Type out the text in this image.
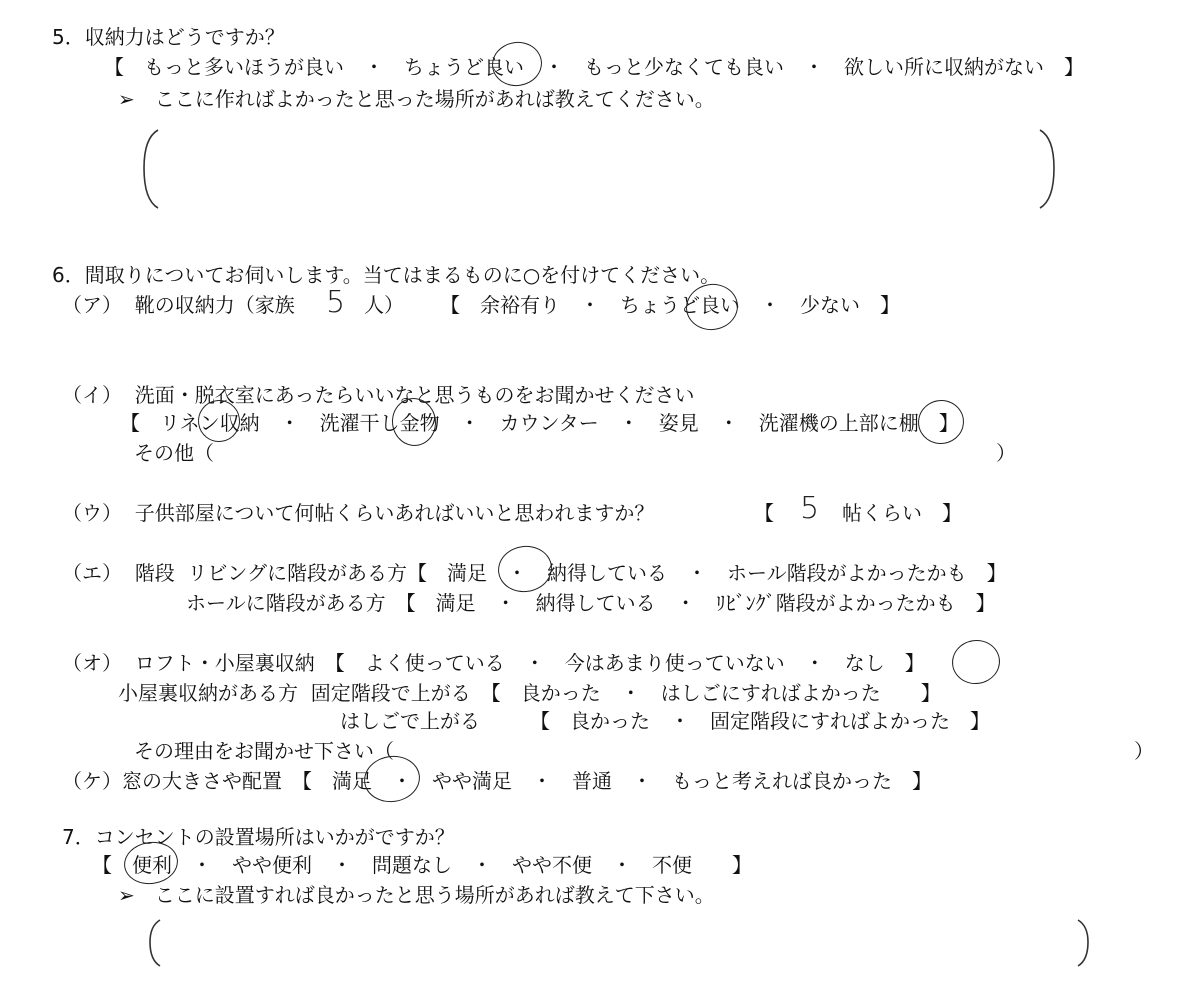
5．収納力はどうですか？
【　もっと多いほうが良い　・　ちょうど良い　・　もっと少なくても良い　・　欲しい所に収納がない　】
➢　ここに作ればよかったと思った場所があれば教えてください。
6．間取りについてお伺いします。当てはまるものに○を付けてください。
（ア）  靴の収納力（家族 5 人） 【　余裕有り　・　ちょうど良い　・　少ない　】
（イ）  洗面・脱衣室にあったらいいなと思うものをお聞かせください
【　リネン収納　・　洗濯干し金物　・　カウンター　・　姿見　・　洗濯機の上部に棚　】
その他（	）
（ウ）  子供部屋について何帖くらいあればいいと思われますか？	【 5 帖くらい　】
（エ）  階段  リビングに階段がある方【　満足　・　納得している　・　ホール階段がよかったかも　】
ホールに階段がある方　【　満足　・　納得している　・　ﾘﾋﾞﾝｸﾞ階段がよかったかも　】
（オ）  ロフト・小屋裏収納　【　よく使っている　・　今はあまり使っていない　・　なし　】
小屋裏収納がある方  固定階段で上がる　【　良かった　・　はしごにすればよかった　　】
はしごで上がる　　　【　良かった　・　固定階段にすればよかった　】
その理由をお聞かせ下さい（	）
（ケ）窓の大きさや配置　【　満足　・　やや満足　・　普通　・　もっと考えれば良かった　】
7．コンセントの設置場所はいかがですか？
【　便利　・　やや便利　・　問題なし　・　やや不便　・　不便　　】
➢　ここに設置すれば良かったと思う場所があれば教えて下さい。
